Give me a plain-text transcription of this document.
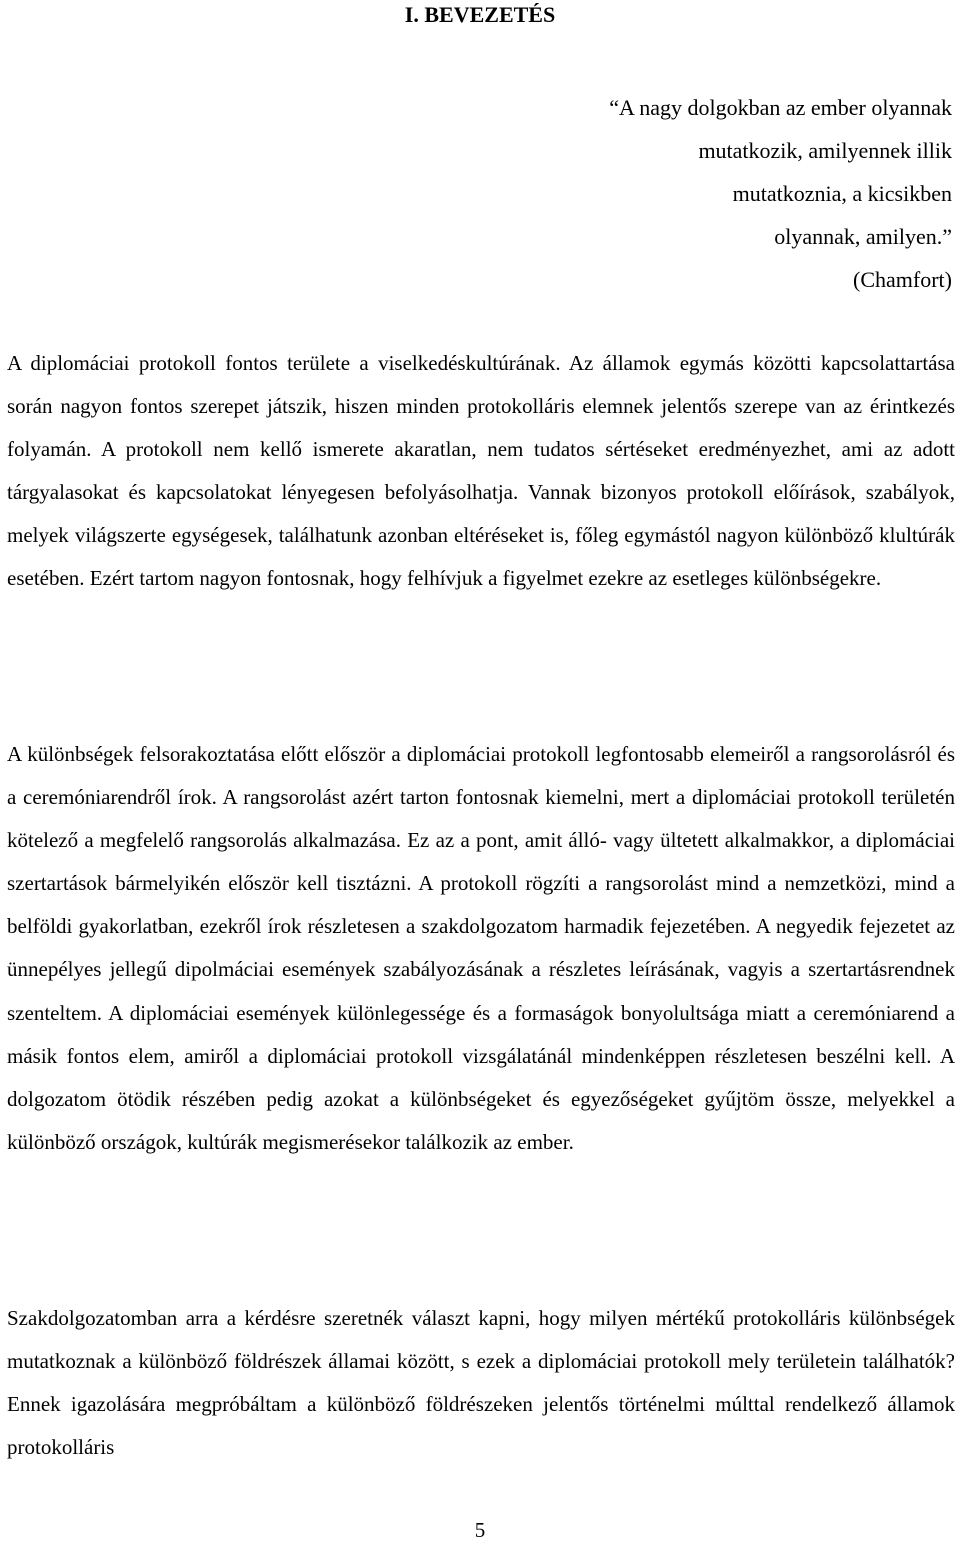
I. BEVEZETÉS
“A nagy dolgokban az ember olyannak
mutatkozik, amilyennek illik
mutatkoznia, a kicsikben
olyannak, amilyen.”
(Chamfort)

A diplomáciai protokoll fontos területe a viselkedéskultúrának. Az államok egymás közötti kapcsolattartása során nagyon fontos szerepet játszik, hiszen minden protokolláris elemnek jelentős szerepe van az érintkezés folyamán. A protokoll nem kellő ismerete akaratlan, nem tudatos sértéseket eredményezhet, ami az adott tárgyalasokat és kapcsolatokat lényegesen befolyásolhatja. Vannak bizonyos protokoll előírások, szabályok, melyek világszerte egységesek, találhatunk azonban eltéréseket is, főleg egymástól nagyon különböző klultúrák esetében. Ezért tartom nagyon fontosnak, hogy felhívjuk a figyelmet ezekre az esetleges különbségekre.

A különbségek felsorakoztatása előtt először a diplomáciai protokoll legfontosabb elemeiről a rangsorolásról és a ceremóniarendről írok. A rangsorolást azért tarton fontosnak kiemelni, mert a diplomáciai protokoll területén kötelező a megfelelő rangsorolás alkalmazása. Ez az a pont, amit álló- vagy ültetett alkalmakkor, a diplomáciai szertartások bármelyikén először kell tisztázni. A protokoll rögzíti a rangsorolást mind a nemzetközi, mind a belföldi gyakorlatban, ezekről írok részletesen a szakdolgozatom harmadik fejezetében. A negyedik fejezetet az ünnepélyes jellegű dipolmáciai események szabályozásának a részletes leírásának, vagyis a szertartásrendnek szenteltem. A diplomáciai események különlegessége és a formaságok bonyolultsága miatt a ceremóniarend a másik fontos elem, amiről a diplomáciai protokoll vizsgálatánál mindenképpen részletesen beszélni kell. A dolgozatom ötödik részében pedig azokat a különbségeket és egyezőségeket gyűjtöm össze, melyekkel a különböző országok, kultúrák megismerésekor találkozik az ember.

Szakdolgozatomban arra a kérdésre szeretnék választ kapni, hogy milyen mértékű protokolláris különbségek mutatkoznak a különböző földrészek államai között, s ezek a diplomáciai protokoll mely területein találhatók? Ennek igazolására megpróbáltam a különböző földrészeken jelentős történelmi múlttal rendelkező államok protokolláris

5
